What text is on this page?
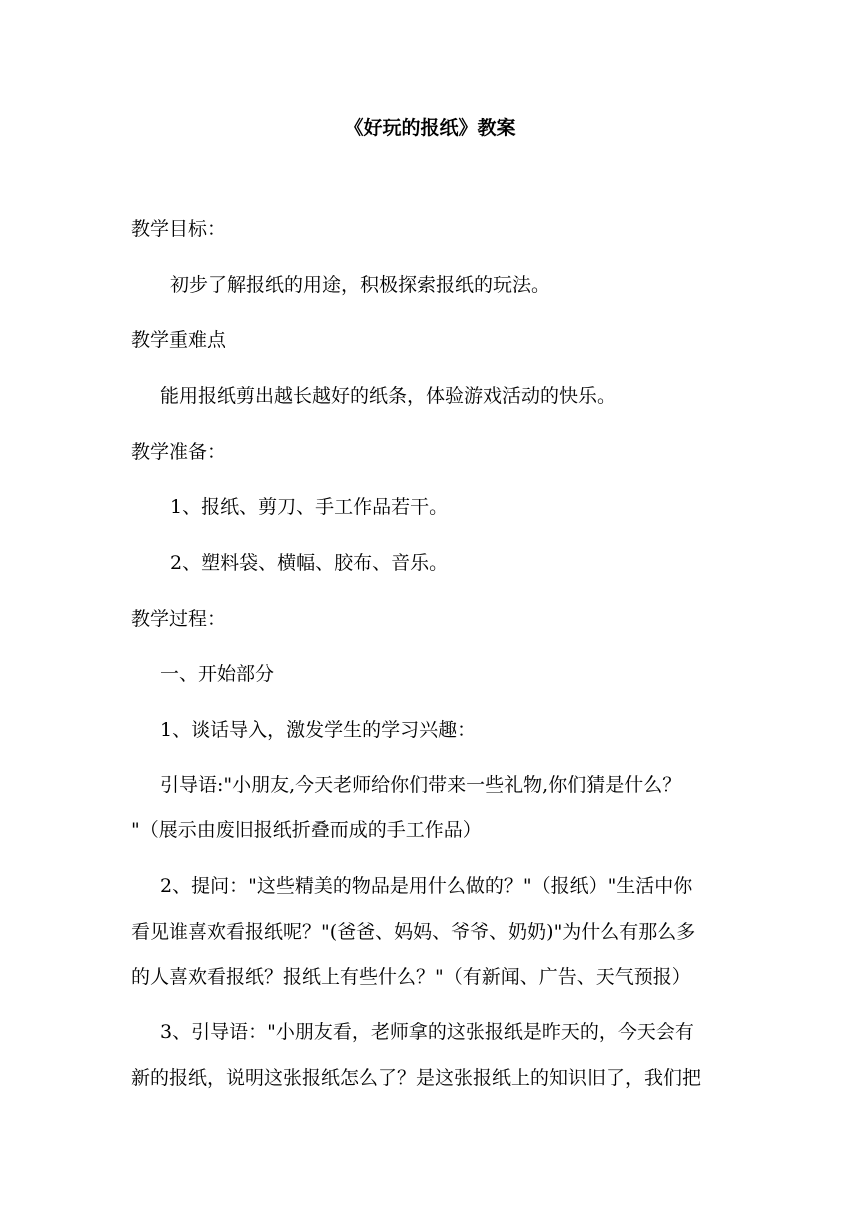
《好玩的报纸》教案
教学目标：
初步了解报纸的用途，积极探索报纸的玩法。
教学重难点
能用报纸剪出越长越好的纸条，体验游戏活动的快乐。
教学准备：
1、报纸、剪刀、手工作品若干。
2、塑料袋、横幅、胶布、音乐。
教学过程：
一、开始部分
1、谈话导入，激发学生的学习兴趣：
引导语:"小朋友,今天老师给你们带来一些礼物,你们猜是什么？
"（展示由废旧报纸折叠而成的手工作品）
2、提问："这些精美的物品是用什么做的？"（报纸）"生活中你
看见谁喜欢看报纸呢？"(爸爸、妈妈、爷爷、奶奶)"为什么有那么多
的人喜欢看报纸？报纸上有些什么？"（有新闻、广告、天气预报）
3、引导语："小朋友看，老师拿的这张报纸是昨天的，今天会有
新的报纸，说明这张报纸怎么了？是这张报纸上的知识旧了，我们把
